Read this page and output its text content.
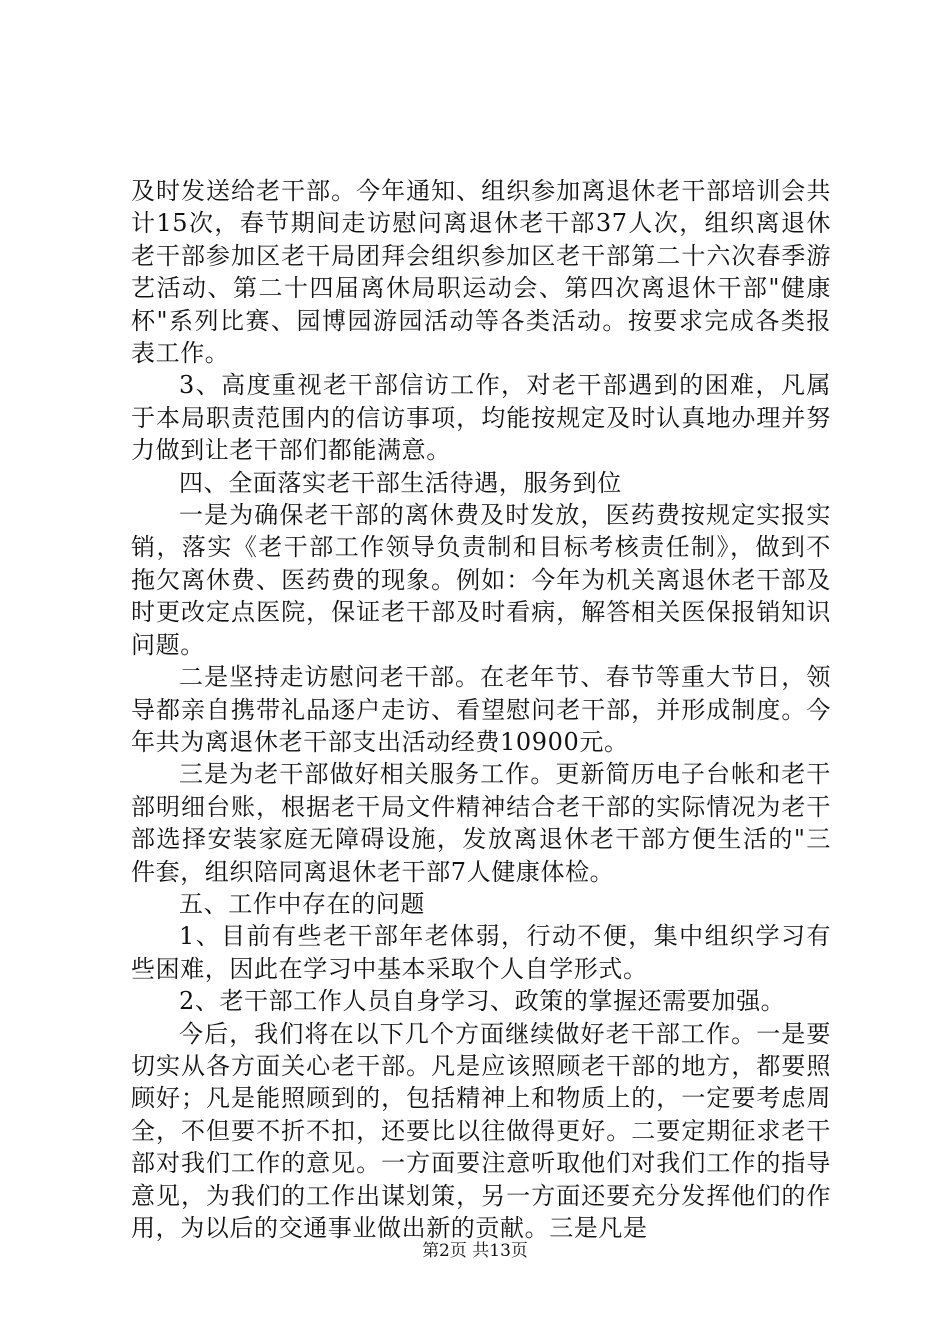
及时发送给老干部。今年通知、组织参加离退休老干部培训会共计15次，春节期间走访慰问离退休老干部37人次，组织离退休老干部参加区老干局团拜会组织参加区老干部第二十六次春季游艺活动、第二十四届离休局职运动会、第四次离退休干部"健康杯"系列比赛、园博园游园活动等各类活动。按要求完成各类报表工作。

3、高度重视老干部信访工作，对老干部遇到的困难，凡属于本局职责范围内的信访事项，均能按规定及时认真地办理并努力做到让老干部们都能满意。

四、全面落实老干部生活待遇，服务到位

一是为确保老干部的离休费及时发放，医药费按规定实报实销，落实《老干部工作领导负责制和目标考核责任制》，做到不拖欠离休费、医药费的现象。例如：今年为机关离退休老干部及时更改定点医院，保证老干部及时看病，解答相关医保报销知识问题。

二是坚持走访慰问老干部。在老年节、春节等重大节日，领导都亲自携带礼品逐户走访、看望慰问老干部，并形成制度。今年共为离退休老干部支出活动经费10900元。

三是为老干部做好相关服务工作。更新简历电子台帐和老干部明细台账，根据老干局文件精神结合老干部的实际情况为老干部选择安装家庭无障碍设施，发放离退休老干部方便生活的"三件套，组织陪同离退休老干部7人健康体检。

五、工作中存在的问题

1、目前有些老干部年老体弱，行动不便，集中组织学习有些困难，因此在学习中基本采取个人自学形式。

2、老干部工作人员自身学习、政策的掌握还需要加强。

今后，我们将在以下几个方面继续做好老干部工作。一是要切实从各方面关心老干部。凡是应该照顾老干部的地方，都要照顾好；凡是能照顾到的，包括精神上和物质上的，一定要考虑周全，不但要不折不扣，还要比以往做得更好。二要定期征求老干部对我们工作的意见。一方面要注意听取他们对我们工作的指导意见，为我们的工作出谋划策，另一方面还要充分发挥他们的作用，为以后的交通事业做出新的贡献。三是凡是

第2页 共13页
